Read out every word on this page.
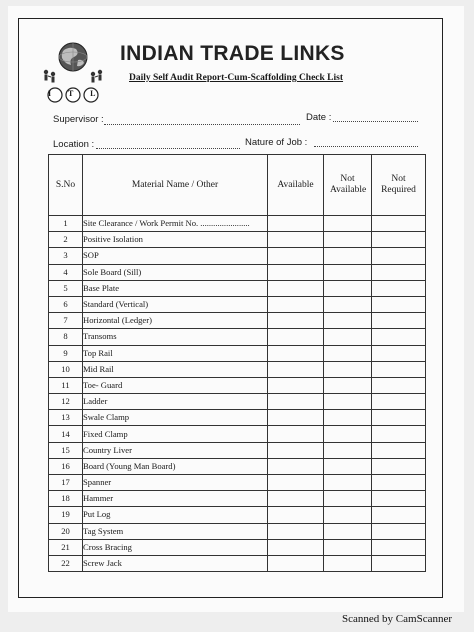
I T L
INDIAN TRADE LINKS
Daily Self Audit Report-Cum-Scaffolding Check List
Supervisor :	Date :
Location :	Nature of Job :
S.No	Material Name / Other	Available	Not Available	Not Required
1	Site Clearance / Work Permit No. .......................			
2	Positive Isolation			
3	SOP			
4	Sole Board (Sill)			
5	Base Plate			
6	Standard (Vertical)			
7	Horizontal (Ledger)			
8	Transoms			
9	Top Rail			
10	Mid Rail			
11	Toe- Guard			
12	Ladder			
13	Swale Clamp			
14	Fixed Clamp			
15	Country Liver			
16	Board (Young Man Board)			
17	Spanner			
18	Hammer			
19	Put Log			
20	Tag System			
21	Cross Bracing			
22	Screw Jack			
Scanned by CamScanner
